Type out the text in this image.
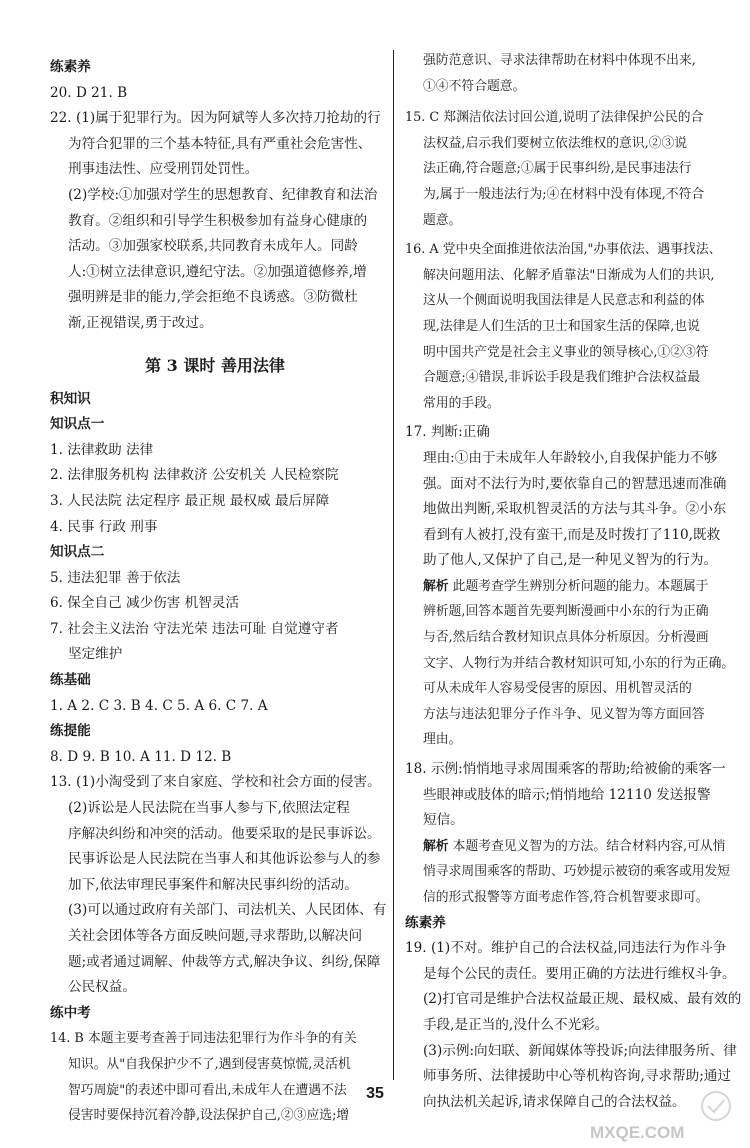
练素养
20. D 21. B
22. (1)属于犯罪行为。因为阿斌等人多次持刀抢劫的行
为符合犯罪的三个基本特征,具有严重社会危害性、
刑事违法性、应受刑罚处罚性。
(2)学校:①加强对学生的思想教育、纪律教育和法治
教育。②组织和引导学生积极参加有益身心健康的
活动。③加强家校联系,共同教育未成年人。同龄
人:①树立法律意识,遵纪守法。②加强道德修养,增
强明辨是非的能力,学会拒绝不良诱惑。③防微杜
渐,正视错误,勇于改过。
第 3 课时 善用法律
积知识
知识点一
1. 法律救助 法律
2. 法律服务机构 法律救济 公安机关 人民检察院
3. 人民法院 法定程序 最正规 最权威 最后屏障
4. 民事 行政 刑事
知识点二
5. 违法犯罪 善于依法
6. 保全自己 减少伤害 机智灵活
7. 社会主义法治 守法光荣 违法可耻 自觉遵守者
坚定维护
练基础
1. A 2. C 3. B 4. C 5. A 6. C 7. A
练提能
8. D 9. B 10. A 11. D 12. B
13. (1)小淘受到了来自家庭、学校和社会方面的侵害。
(2)诉讼是人民法院在当事人参与下,依照法定程
序解决纠纷和冲突的活动。他要采取的是民事诉讼。
民事诉讼是人民法院在当事人和其他诉讼参与人的参
加下,依法审理民事案件和解决民事纠纷的活动。
(3)可以通过政府有关部门、司法机关、人民团体、有
关社会团体等各方面反映问题,寻求帮助,以解决问
题;或者通过调解、仲裁等方式,解决争议、纠纷,保障
公民权益。
练中考
14. B 本题主要考查善于同违法犯罪行为作斗争的有关
知识。从"自我保护少不了,遇到侵害莫惊慌,灵活机
智巧周旋"的表述中即可看出,未成年人在遭遇不法
侵害时要保持沉着冷静,设法保护自己,②③应选;增
强防范意识、寻求法律帮助在材料中体现不出来,
①④不符合题意。
15. C 郑渊洁依法讨回公道,说明了法律保护公民的合
法权益,启示我们要树立依法维权的意识,②③说
法正确,符合题意;①属于民事纠纷,是民事违法行
为,属于一般违法行为;④在材料中没有体现,不符合
题意。
16. A 党中央全面推进依法治国,"办事依法、遇事找法、
解决问题用法、化解矛盾靠法"日渐成为人们的共识,
这从一个侧面说明我国法律是人民意志和利益的体
现,法律是人们生活的卫士和国家生活的保障,也说
明中国共产党是社会主义事业的领导核心,①②③符
合题意;④错误,非诉讼手段是我们维护合法权益最
常用的手段。
17. 判断:正确
理由:①由于未成年人年龄较小,自我保护能力不够
强。面对不法行为时,要依靠自己的智慧迅速而准确
地做出判断,采取机智灵活的方法与其斗争。②小东
看到有人被打,没有蛮干,而是及时拨打了110,既救
助了他人,又保护了自己,是一种见义智为的行为。
解析 此题考查学生辨别分析问题的能力。本题属于
辨析题,回答本题首先要判断漫画中小东的行为正确
与否,然后结合教材知识点具体分析原因。分析漫画
文字、人物行为并结合教材知识可知,小东的行为正确。
可从未成年人容易受侵害的原因、用机智灵活的
方法与违法犯罪分子作斗争、见义智为等方面回答
理由。
18. 示例:悄悄地寻求周围乘客的帮助;给被偷的乘客一
些眼神或肢体的暗示;悄悄地给 12110 发送报警
短信。
解析 本题考查见义智为的方法。结合材料内容,可从悄
悄寻求周围乘客的帮助、巧妙提示被窃的乘客或用发短
信的形式报警等方面考虑作答,符合机智要求即可。
练素养
19. (1)不对。维护自己的合法权益,同违法行为作斗争
是每个公民的责任。要用正确的方法进行维权斗争。
(2)打官司是维护合法权益最正规、最权威、最有效的
手段,是正当的,没什么不光彩。
(3)示例:向妇联、新闻媒体等投诉;向法律服务所、律
师事务所、法律援助中心等机构咨询,寻求帮助;通过
向执法机关起诉,请求保障自己的合法权益。
35
MXQE.COM
